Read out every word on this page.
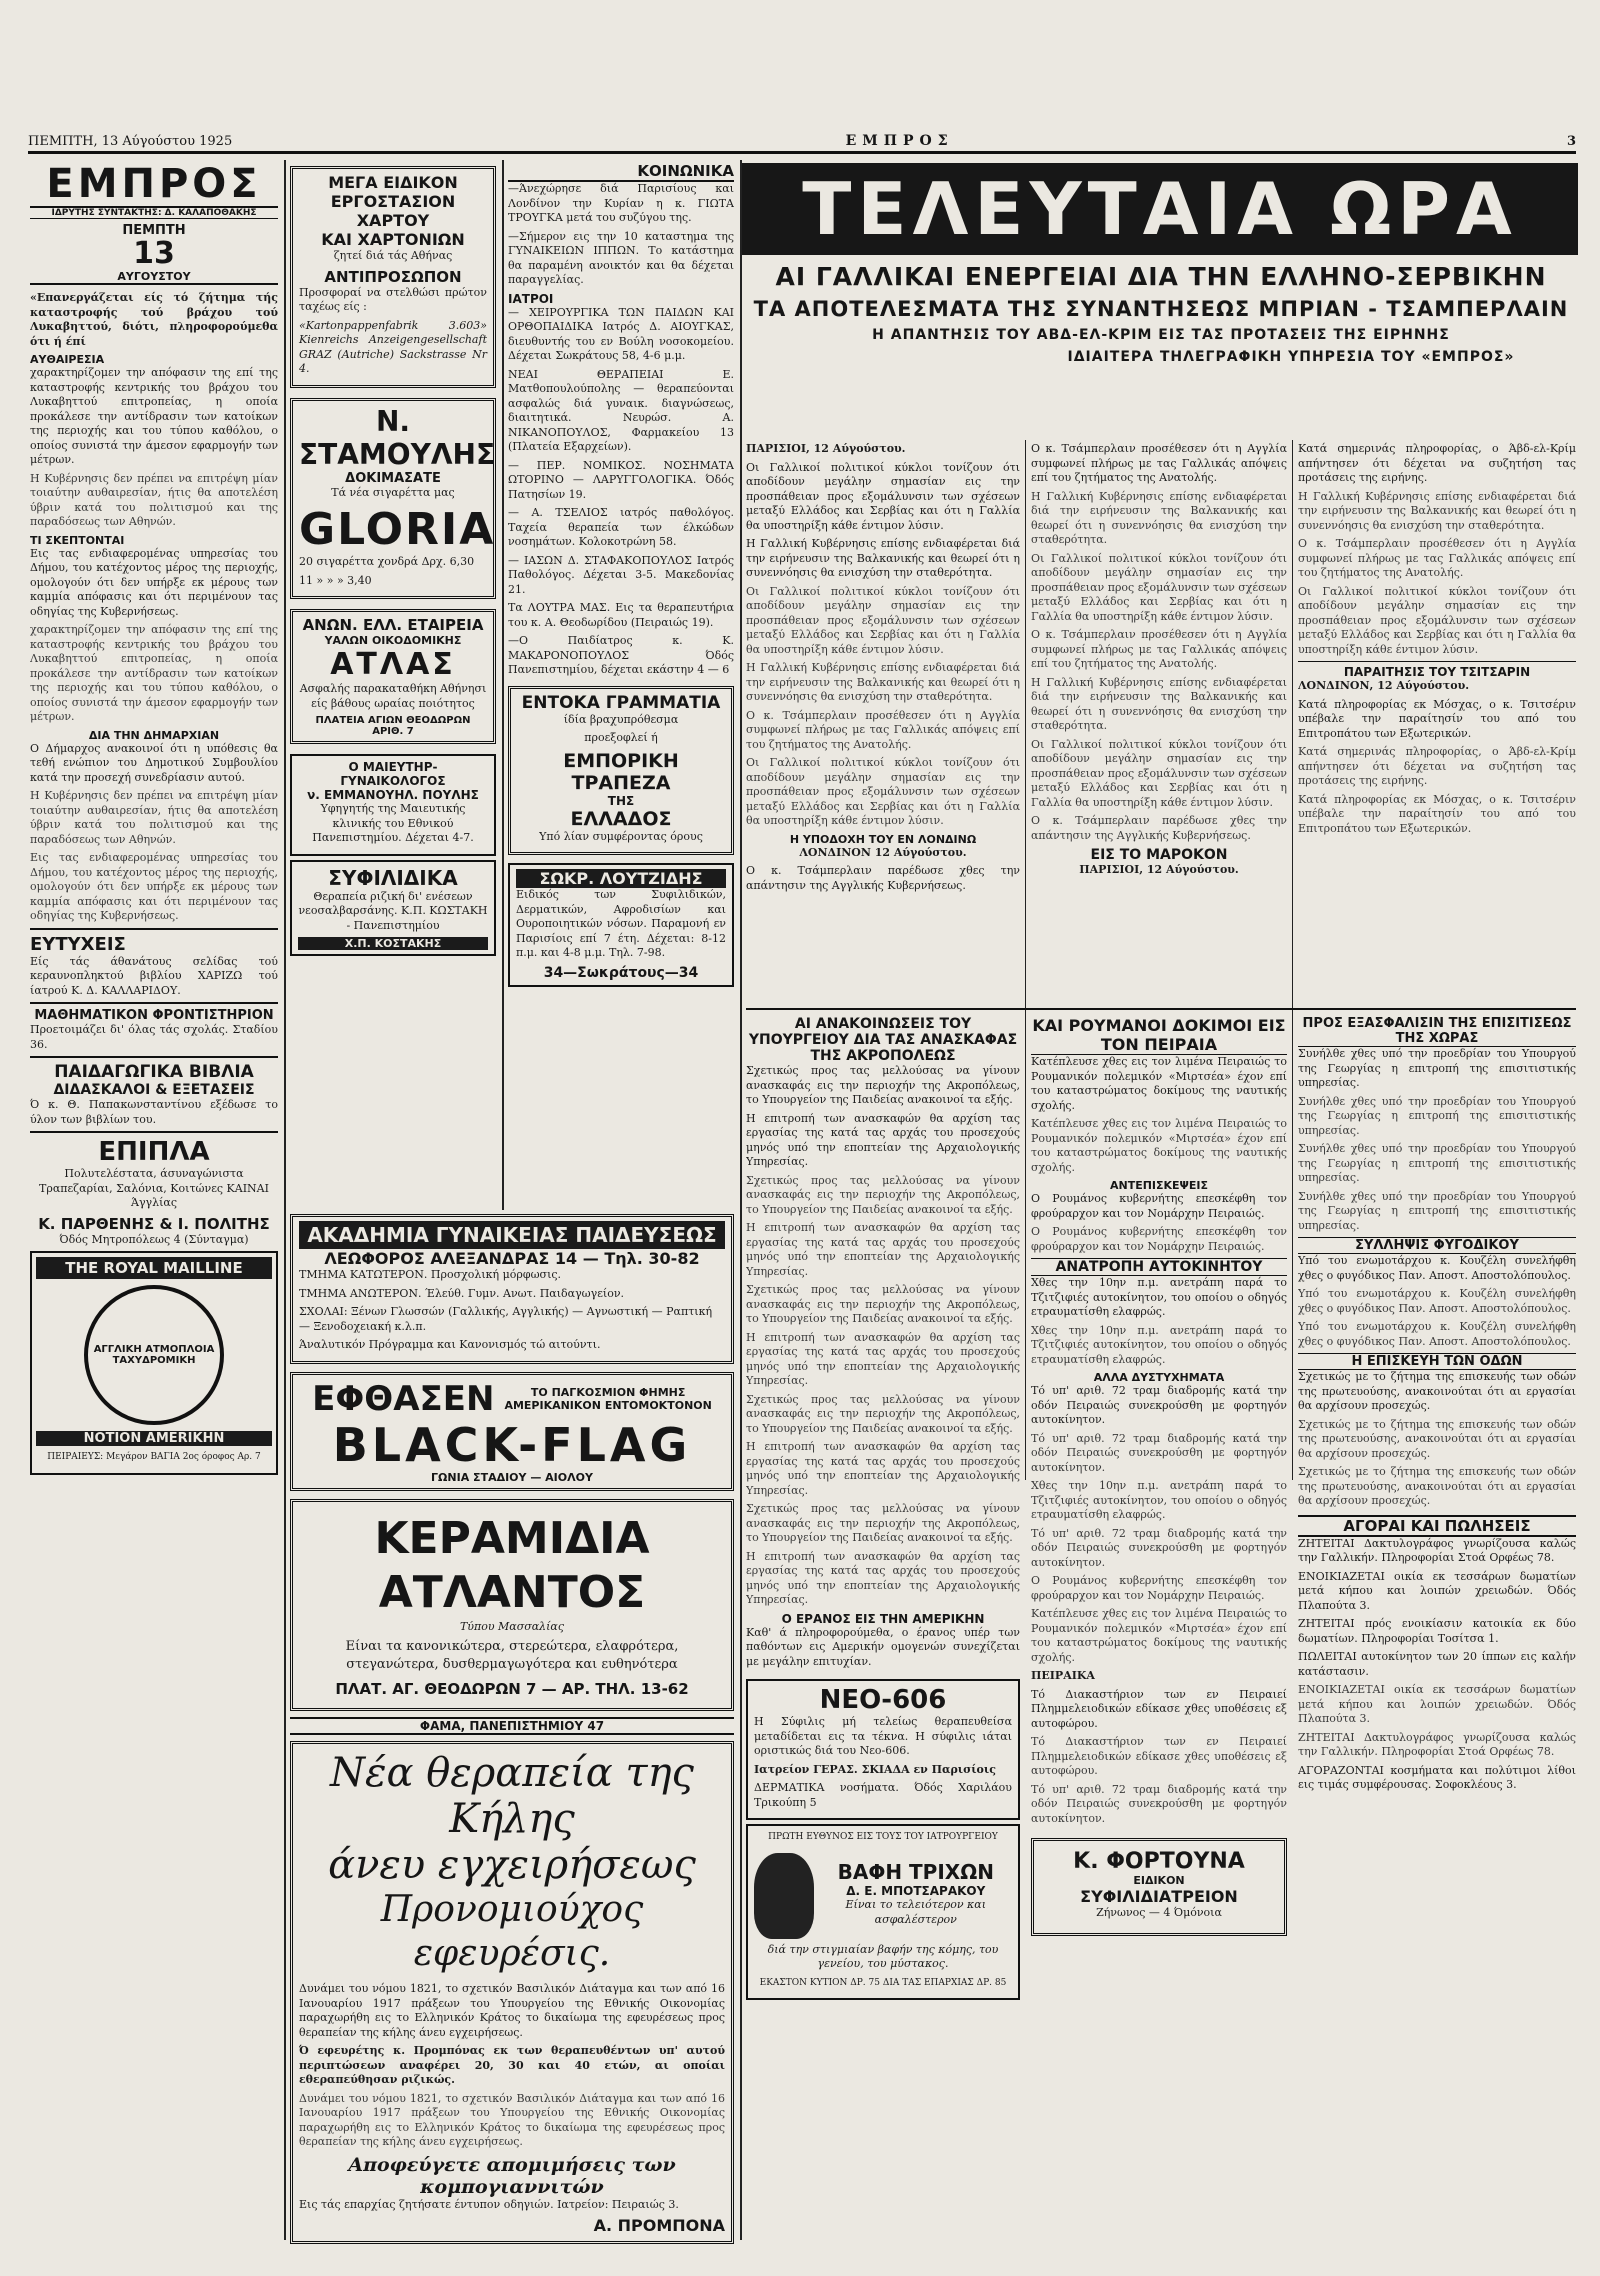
ΠΕΜΠΤΗ, 13 Αύγούστου 1925	ΕΜΠΡΟΣ	3
ΕΜΠΡΟΣ
ΙΔΡΥΤΗΣ ΣΥΝΤΑΚΤΗΣ: Δ. ΚΑΛΑΠΟΘΑΚΗΣ
ΠΕΜΠΤΗ
13
ΑΥΓΟΥΣΤΟΥ
«Επανεργάζεται είς τό ζήτημα τής καταστροφής τού βράχου τού Λυκαβηττού, διότι, πληροφορούμεθα ότι ή έπί
ΑΥΘΑΙΡΕΣΙΑ
χαρακτηρίζομεν την απόφασιν της επί της καταστροφής κεντρικής του βράχου του Λυκαβηττού επιτροπείας, η οποία προκάλεσε την αντίδρασιν των κατοίκων της περιοχής και του τύπου καθόλου, ο οποίος συνιστά την άμεσον εφαρμογήν των μέτρων.
Η Κυβέρνησις δεν πρέπει να επιτρέψη μίαν τοιαύτην αυθαιρεσίαν, ήτις θα αποτελέση ύβριν κατά του πολιτισμού και της παραδόσεως των Αθηνών.
ΤΙ ΣΚΕΠΤΟΝΤΑΙ
Εις τας ενδιαφερομένας υπηρεσίας του Δήμου, του κατέχοντος μέρος της περιοχής, ομολογούν ότι δεν υπήρξε εκ μέρους των καμμία απόφασις και ότι περιμένουν τας οδηγίας της Κυβερνήσεως.
χαρακτηρίζομεν την απόφασιν της επί της καταστροφής κεντρικής του βράχου του Λυκαβηττού επιτροπείας, η οποία προκάλεσε την αντίδρασιν των κατοίκων της περιοχής και του τύπου καθόλου, ο οποίος συνιστά την άμεσον εφαρμογήν των μέτρων.
ΔΙΑ ΤΗΝ ΔΗΜΑΡΧΙΑΝ
Ο Δήμαρχος ανακοινοί ότι η υπόθεσις θα τεθή ενώπιον του Δημοτικού Συμβουλίου κατά την προσεχή συνεδρίασιν αυτού.
Η Κυβέρνησις δεν πρέπει να επιτρέψη μίαν τοιαύτην αυθαιρεσίαν, ήτις θα αποτελέση ύβριν κατά του πολιτισμού και της παραδόσεως των Αθηνών.
Εις τας ενδιαφερομένας υπηρεσίας του Δήμου, του κατέχοντος μέρος της περιοχής, ομολογούν ότι δεν υπήρξε εκ μέρους των καμμία απόφασις και ότι περιμένουν τας οδηγίας της Κυβερνήσεως.
ΕΥΤΥΧΕΙΣ
Είς τάς άθανάτους σελίδας τού κεραυνοπληκτού βιβλίου ΧΑΡΙΖΩ τού ίατρού Κ. Δ. ΚΑΛΛΑΡΙΔΟΥ.
ΜΑΘΗΜΑΤΙΚΟΝ ΦΡΟΝΤΙΣΤΗΡΙΟΝ
Προετοιμάζει δι' όλας τάς σχολάς. Σταδίου 36.
ΠΑΙΔΑΓΩΓΙΚΑ ΒΙΒΛΙΑ
ΔΙΔΑΣΚΑΛΟΙ & ΕΞΕΤΑΣΕΙΣ
Ό κ. Θ. Παπακωνσταντίνου εξέδωσε το ύλον των βιβλίων του.
ΕΠΙΠΛΑ
Πολυτελέστατα, άσυναγώνιστα Τραπεζαρίαι, Σαλόνια, Κοιτώνες ΚΑΙΝΑΙ Άγγλίας
Κ. ΠΑΡΘΕΝΗΣ & Ι. ΠΟΛΙΤΗΣ
Όδός Μητροπόλεως 4 (Σύνταγμα)
THE ROYAL MAILLINE
ΑΓΓΛΙΚΗ ΑΤΜΟΠΛΟΙΑ ΤΑΧΥΔΡΟΜΙΚΗ
NOTION AMERIKHN
ΠΕΙΡΑΙΕΥΣ: Μεγάρον ΒΑΓΙΑ 2ος όροφος Αρ. 7
ΜΕΓΑ ΕΙΔΙΚΟΝ
ΕΡΓΟΣΤΑΣΙΟΝ ΧΑΡΤΟΥ
ΚΑΙ ΧΑΡΤΟΝΙΩΝ
ζητεί διά τάς Αθήνας
ΑΝΤΙΠΡΟΣΩΠΟΝ
Προσφοραί να στελθώσι πρώτον ταχέως είς :
«Kartonpappenfabrik 3.603» Kienreichs Anzeigengesellschaft GRAZ (Autriche) Sackstrasse Nr 4.
Ν. ΣΤΑΜΟΥΛΗΣ
ΔΟΚΙΜΑΣΑΤΕ
Τά νέα σιγαρέττα μας
GLORIA
20 σιγαρέττα χονδρά Δρχ. 6,30
11 » » » 3,40
ΑΝΩΝ. ΕΛΛ. ΕΤΑΙΡΕΙΑ
ΥΑΛΩΝ ΟΙΚΟΔΟΜΙΚΗΣ
ΑΤΛΑΣ
Ασφαλής παρακαταθήκη Αθήνησι είς βάθους ωραίας ποιότητος
ΠΛΑΤΕΙΑ ΑΓΙΩΝ ΘΕΟΔΩΡΩΝ ΑΡΙΘ. 7
Ο ΜΑΙΕΥΤΗΡ-ΓΥΝΑΙΚΟΛΟΓΟΣ
ν. ΕΜΜΑΝΟΥΗΛ. ΠΟΥΛΗΣ
Υφηγητής της Μαιευτικής κλινικής του Εθνικού Πανεπιστημίου. Δέχεται 4-7.
ΣΥΦΙΛΙΔΙΚΑ
Θεραπεία ριζική δι' ενέσεων νεοσαλβαρσάνης. Κ.Π. ΚΩΣΤΑΚΗ - Πανεπιστημίου
Χ.Π. ΚΟΣΤΑΚΗΣ
ΚΟΙΝΩΝΙΚΑ
—Άνεχώρησε διά Παρισίους και Λονδίνον την Κυρίαν η κ. ΓΙΩΤΑ ΤΡΟΥΓΚΑ μετά του συζύγου της.
—Σήμερον εις την 10 καταστημα της ΓΥΝΑΙΚΕΙΩΝ ΙΠΠΩΝ. Το κατάστημα θα παραμένη ανοικτόν και θα δέχεται παραγγελίας.
ΙΑΤΡΟΙ
— ΧΕΙΡΟΥΡΓΙΚΑ ΤΩΝ ΠΑΙΔΩΝ ΚΑΙ ΟΡΘΟΠΑΙΔΙΚΑ Ιατρός Δ. ΑΙΟΥΓΚΑΣ, διευθυντής του εν Βούλη νοσοκομείου. Δέχεται Σωκράτους 58, 4-6 μ.μ.
ΝΕΑΙ ΘΕΡΑΠΕΙΑΙ Ε. Ματθοπουλούπολης — θεραπεύονται ασφαλώς διά γυναικ. διαγνώσεως, διαιτητικά. Νευρώσ. Α. ΝΙΚΑΝΟΠΟΥΛΟΣ, Φαρμακείου 13 (Πλατεία Εξαρχείων).
— ΠΕΡ. ΝΟΜΙΚΟΣ. ΝΟΣΗΜΑΤΑ ΩΤΟΡΙΝΟ — ΛΑΡΥΓΓΟΛΟΓΙΚΑ. Όδός Πατησίων 19.
— Α. ΤΣΕΛΙΟΣ ιατρός παθολόγος. Ταχεία θεραπεία των έλκώδων νοσημάτων. Κολοκοτρώνη 58.
— ΙΑΣΩΝ Δ. ΣΤΑΦΑΚΟΠΟΥΛΟΣ Ιατρός Παθολόγος. Δέχεται 3-5. Μακεδονίας 21.
Τα ΛΟΥΤΡΑ ΜΑΣ. Εις τα θεραπευτήρια του κ. Α. Θεοδωρίδου (Πειραιώς 19).
—Ο Παιδίατρος κ. Κ. ΜΑΚΑΡΟΝΟΠΟΥΛΟΣ Όδός Πανεπιστημίου, δέχεται εκάστην 4 — 6
ΕΝΤΟΚΑ ΓΡΑΜΜΑΤΙΑ
ίδία βραχυπρόθεσμα
προεξοφλεί ή
ΕΜΠΟΡΙΚΗ ΤΡΑΠΕΖΑ
ΤΗΣ
ΕΛΛΑΔΟΣ
Υπό λίαν συμφέροντας όρους
ΣΩΚΡ. ΛΟΥΤΖΙΔΗΣ
Ειδικός των Συφιλιδικών, Δερματικών, Αφροδισίων και Ουροποιητικών νόσων. Παραμονή εν Παρισίοις επί 7 έτη. Δέχεται: 8-12 π.μ. και 4-8 μ.μ. Τηλ. 7-98.
34—Σωκράτους—34
ΑΚΑΔΗΜΙΑ ΓΥΝΑΙΚΕΙΑΣ ΠΑΙΔΕΥΣΕΩΣ
ΛΕΩΦΟΡΟΣ ΑΛΕΞΑΝΔΡΑΣ 14 — Τηλ. 30-82
ΤΜΗΜΑ ΚΑΤΩΤΕΡΟΝ. Προσχολική μόρφωσις.
ΤΜΗΜΑ ΑΝΩΤΕΡΟΝ. Έλεύθ. Γυμν. Ανωτ. Παιδαγωγείον.
ΣΧΟΛΑΙ: Ξένων Γλωσσών (Γαλλικής, Αγγλικής) — Αγνωστική — Ραπτική — Ξενοδοχειακή κ.λ.π.
Άναλυτικόν Πρόγραμμα και Κανονισμός τώ αιτούντι.
ΕΦΘΑΣΕΝ	ΤΟ ΠΑΓΚΟΣΜΙΟΝ ΦΗΜΗΣ
ΑΜΕΡΙΚΑΝΙΚΟΝ ΕΝΤΟΜΟΚΤΟΝΟΝ
BLACK-FLAG
ΓΩΝΙΑ ΣΤΑΔΙΟΥ — ΑΙΟΛΟΥ
ΚΕΡΑΜΙΔΙΑ ΑΤΛΑΝΤΟΣ
Τύπου Μασσαλίας
Είναι τα κανονικώτερα, στερεώτερα, ελαφρότερα, στεγανώτερα, δυσθερμαγωγότερα και ευθηνότερα
ΠΛΑΤ. ΑΓ. ΘΕΟΔΩΡΩΝ 7 — ΑΡ. ΤΗΛ. 13-62
ΦΑΜΑ, ΠΑΝΕΠΙΣΤΗΜΙΟΥ 47
Νέα θεραπεία της Κήλης
άνευ εγχειρήσεως
Προνομιούχος εφευρέσις.
Δυνάμει του νόμου 1821, το σχετικόν Βασιλικόν Διάταγμα και των από 16 Ιανουαρίου 1917 πράξεων του Υπουργείου της Εθνικής Οικονομίας παραχωρήθη εις το Ελληνικόν Κράτος το δικαίωμα της εφευρέσεως προς θεραπείαν της κήλης άνευ εγχειρήσεως.
Ό εφευρέτης κ. Προμπόνας εκ των θεραπευθέντων υπ' αυτού περιπτώσεων αναφέρει 20, 30 και 40 ετών, αι οποίαι εθεραπεύθησαν ριζικώς.
Δυνάμει του νόμου 1821, το σχετικόν Βασιλικόν Διάταγμα και των από 16 Ιανουαρίου 1917 πράξεων του Υπουργείου της Εθνικής Οικονομίας παραχωρήθη εις το Ελληνικόν Κράτος το δικαίωμα της εφευρέσεως προς θεραπείαν της κήλης άνευ εγχειρήσεως.
Αποφεύγετε απομιμήσεις των κομπογιαννιτών
Εις τάς επαρχίας ζητήσατε έντυπον οδηγιών. Ιατρείον: Πειραιώς 3.
Α. ΠΡΟΜΠΟΝΑ
ΤΕΛΕΥΤΑΙΑ ΩΡΑ
ΑΙ ΓΑΛΛΙΚΑΙ ΕΝΕΡΓΕΙΑΙ ΔΙΑ ΤΗΝ ΕΛΛΗΝΟ-ΣΕΡΒΙΚΗΝ
ΤΑ ΑΠΟΤΕΛΕΣΜΑΤΑ ΤΗΣ ΣΥΝΑΝΤΗΣΕΩΣ ΜΠΡΙΑΝ - ΤΣΑΜΠΕΡΛΑΙΝ
Η ΑΠΑΝΤΗΣΙΣ ΤΟΥ ΑΒΔ-ΕΛ-ΚΡΙΜ ΕΙΣ ΤΑΣ ΠΡΟΤΑΣΕΙΣ ΤΗΣ ΕΙΡΗΝΗΣ
ΙΔΙΑΙΤΕΡΑ ΤΗΛΕΓΡΑΦΙΚΗ ΥΠΗΡΕΣΙΑ ΤΟΥ «ΕΜΠΡΟΣ»
ΠΑΡΙΣΙΟΙ, 12 Αύγούστου.
Οι Γαλλικοί πολιτικοί κύκλοι τονίζουν ότι αποδίδουν μεγάλην σημασίαν εις την προσπάθειαν προς εξομάλυνσιν των σχέσεων μεταξύ Ελλάδος και Σερβίας και ότι η Γαλλία θα υποστηρίξη κάθε έντιμον λύσιν.
Η Γαλλική Κυβέρνησις επίσης ενδιαφέρεται διά την ειρήνευσιν της Βαλκανικής και θεωρεί ότι η συνεννόησις θα ενισχύση την σταθερότητα.
Οι Γαλλικοί πολιτικοί κύκλοι τονίζουν ότι αποδίδουν μεγάλην σημασίαν εις την προσπάθειαν προς εξομάλυνσιν των σχέσεων μεταξύ Ελλάδος και Σερβίας και ότι η Γαλλία θα υποστηρίξη κάθε έντιμον λύσιν.
Η Γαλλική Κυβέρνησις επίσης ενδιαφέρεται διά την ειρήνευσιν της Βαλκανικής και θεωρεί ότι η συνεννόησις θα ενισχύση την σταθερότητα.
Ο κ. Τσάμπερλαιν προσέθεσεν ότι η Αγγλία συμφωνεί πλήρως με τας Γαλλικάς απόψεις επί του ζητήματος της Ανατολής.
Οι Γαλλικοί πολιτικοί κύκλοι τονίζουν ότι αποδίδουν μεγάλην σημασίαν εις την προσπάθειαν προς εξομάλυνσιν των σχέσεων μεταξύ Ελλάδος και Σερβίας και ότι η Γαλλία θα υποστηρίξη κάθε έντιμον λύσιν.
Η ΥΠΟΔΟΧΗ ΤΟΥ ΕΝ ΛΟΝΔΙΝΩ
ΛΟΝΔΙΝΟΝ 12 Αύγούστου.
Ο κ. Τσάμπερλαιν παρέδωσε χθες την απάντησιν της Αγγλικής Κυβερνήσεως.
Ο κ. Τσάμπερλαιν προσέθεσεν ότι η Αγγλία συμφωνεί πλήρως με τας Γαλλικάς απόψεις επί του ζητήματος της Ανατολής.
Η Γαλλική Κυβέρνησις επίσης ενδιαφέρεται διά την ειρήνευσιν της Βαλκανικής και θεωρεί ότι η συνεννόησις θα ενισχύση την σταθερότητα.
Οι Γαλλικοί πολιτικοί κύκλοι τονίζουν ότι αποδίδουν μεγάλην σημασίαν εις την προσπάθειαν προς εξομάλυνσιν των σχέσεων μεταξύ Ελλάδος και Σερβίας και ότι η Γαλλία θα υποστηρίξη κάθε έντιμον λύσιν.
Ο κ. Τσάμπερλαιν προσέθεσεν ότι η Αγγλία συμφωνεί πλήρως με τας Γαλλικάς απόψεις επί του ζητήματος της Ανατολής.
Η Γαλλική Κυβέρνησις επίσης ενδιαφέρεται διά την ειρήνευσιν της Βαλκανικής και θεωρεί ότι η συνεννόησις θα ενισχύση την σταθερότητα.
Οι Γαλλικοί πολιτικοί κύκλοι τονίζουν ότι αποδίδουν μεγάλην σημασίαν εις την προσπάθειαν προς εξομάλυνσιν των σχέσεων μεταξύ Ελλάδος και Σερβίας και ότι η Γαλλία θα υποστηρίξη κάθε έντιμον λύσιν.
Ο κ. Τσάμπερλαιν παρέδωσε χθες την απάντησιν της Αγγλικής Κυβερνήσεως.
ΕΙΣ ΤΟ ΜΑΡΟΚΟΝ
ΠΑΡΙΣΙΟΙ, 12 Αύγούστου.
Κατά σημερινάς πληροφορίας, ο Άβδ-ελ-Κρίμ απήντησεν ότι δέχεται να συζητήση τας προτάσεις της ειρήνης.
Η Γαλλική Κυβέρνησις επίσης ενδιαφέρεται διά την ειρήνευσιν της Βαλκανικής και θεωρεί ότι η συνεννόησις θα ενισχύση την σταθερότητα.
Ο κ. Τσάμπερλαιν προσέθεσεν ότι η Αγγλία συμφωνεί πλήρως με τας Γαλλικάς απόψεις επί του ζητήματος της Ανατολής.
Οι Γαλλικοί πολιτικοί κύκλοι τονίζουν ότι αποδίδουν μεγάλην σημασίαν εις την προσπάθειαν προς εξομάλυνσιν των σχέσεων μεταξύ Ελλάδος και Σερβίας και ότι η Γαλλία θα υποστηρίξη κάθε έντιμον λύσιν.
ΠΑΡΑΙΤΗΣΙΣ ΤΟΥ ΤΣΙΤΣΑΡΙΝ
ΛΟΝΔΙΝΟΝ, 12 Αύγούστου.
Κατά πληροφορίας εκ Μόσχας, ο κ. Τσιτσέριν υπέβαλε την παραίτησίν του από του Επιτροπάτου των Εξωτερικών.
Κατά σημερινάς πληροφορίας, ο Άβδ-ελ-Κρίμ απήντησεν ότι δέχεται να συζητήση τας προτάσεις της ειρήνης.
Κατά πληροφορίας εκ Μόσχας, ο κ. Τσιτσέριν υπέβαλε την παραίτησίν του από του Επιτροπάτου των Εξωτερικών.
ΑΙ ΑΝΑΚΟΙΝΩΣΕΙΣ ΤΟΥ ΥΠΟΥΡΓΕΙΟΥ ΔΙΑ ΤΑΣ ΑΝΑΣΚΑΦΑΣ ΤΗΣ ΑΚΡΟΠΟΛΕΩΣ
Σχετικώς προς τας μελλούσας να γίνουν ανασκαφάς εις την περιοχήν της Ακροπόλεως, το Υπουργείον της Παιδείας ανακοινοί τα εξής.
Η επιτροπή των ανασκαφών θα αρχίση τας εργασίας της κατά τας αρχάς του προσεχούς μηνός υπό την εποπτείαν της Αρχαιολογικής Υπηρεσίας.
Σχετικώς προς τας μελλούσας να γίνουν ανασκαφάς εις την περιοχήν της Ακροπόλεως, το Υπουργείον της Παιδείας ανακοινοί τα εξής.
Η επιτροπή των ανασκαφών θα αρχίση τας εργασίας της κατά τας αρχάς του προσεχούς μηνός υπό την εποπτείαν της Αρχαιολογικής Υπηρεσίας.
Σχετικώς προς τας μελλούσας να γίνουν ανασκαφάς εις την περιοχήν της Ακροπόλεως, το Υπουργείον της Παιδείας ανακοινοί τα εξής.
Η επιτροπή των ανασκαφών θα αρχίση τας εργασίας της κατά τας αρχάς του προσεχούς μηνός υπό την εποπτείαν της Αρχαιολογικής Υπηρεσίας.
Σχετικώς προς τας μελλούσας να γίνουν ανασκαφάς εις την περιοχήν της Ακροπόλεως, το Υπουργείον της Παιδείας ανακοινοί τα εξής.
Η επιτροπή των ανασκαφών θα αρχίση τας εργασίας της κατά τας αρχάς του προσεχούς μηνός υπό την εποπτείαν της Αρχαιολογικής Υπηρεσίας.
Σχετικώς προς τας μελλούσας να γίνουν ανασκαφάς εις την περιοχήν της Ακροπόλεως, το Υπουργείον της Παιδείας ανακοινοί τα εξής.
Η επιτροπή των ανασκαφών θα αρχίση τας εργασίας της κατά τας αρχάς του προσεχούς μηνός υπό την εποπτείαν της Αρχαιολογικής Υπηρεσίας.
Ο ΕΡΑΝΟΣ ΕΙΣ ΤΗΝ ΑΜΕΡΙΚΗΝ
Καθ' ά πληροφορούμεθα, ο έρανος υπέρ των παθόντων εις Αμερικήν ομογενών συνεχίζεται με μεγάλην επιτυχίαν.
ΝΕΟ-606
Η Σύφιλις μή τελείως θεραπευθείσα μεταδίδεται εις τα τέκνα. Η σύφιλις ιάται οριστικώς διά του Νεο-606.
Ιατρείον ΓΕΡΑΣ. ΣΚΙΑΔΑ εν Παρισίοις
ΔΕΡΜΑΤΙΚΑ νοσήματα. Όδός Χαριλάου Τρικούπη 5
ΠΡΩΤΗ ΕΥΘΥΝΟΣ ΕΙΣ ΤΟΥΣ ΤΟΥ ΙΑΤΡΟΥΡΓΕΙΟΥ
ΒΑΦΗ ΤΡΙΧΩΝ
Δ. Ε. ΜΠΟΤΣΑΡΑΚΟΥ
Είναι το τελειότερον και ασφαλέστερον
διά την στιγμιαίαν βαφήν της κόμης, του γενείου, του μύστακος.
ΕΚΑΣΤΟΝ ΚΥΤΙΟΝ ΔΡ. 75 ΔΙΑ ΤΑΣ ΕΠΑΡΧΙΑΣ ΔΡ. 85
ΚΑΙ ΡΟΥΜΑΝΟΙ ΔΟΚΙΜΟΙ ΕΙΣ ΤΟΝ ΠΕΙΡΑΙΑ
Κατέπλευσε χθες εις τον λιμένα Πειραιώς το Ρουμανικόν πολεμικόν «Μιρτσέα» έχον επί του καταστρώματος δοκίμους της ναυτικής σχολής.
Κατέπλευσε χθες εις τον λιμένα Πειραιώς το Ρουμανικόν πολεμικόν «Μιρτσέα» έχον επί του καταστρώματος δοκίμους της ναυτικής σχολής.
ΑΝΤΕΠΙΣΚΕΨΕΙΣ
Ο Ρουμάνος κυβερνήτης επεσκέφθη τον φρούραρχον και τον Νομάρχην Πειραιώς.
Ο Ρουμάνος κυβερνήτης επεσκέφθη τον φρούραρχον και τον Νομάρχην Πειραιώς.
ΑΝΑΤΡΟΠΗ ΑΥΤΟΚΙΝΗΤΟΥ
Χθες την 10ην π.μ. ανετράπη παρά το Τζιτζιφιές αυτοκίνητον, του οποίου ο οδηγός ετραυματίσθη ελαφρώς.
Χθες την 10ην π.μ. ανετράπη παρά το Τζιτζιφιές αυτοκίνητον, του οποίου ο οδηγός ετραυματίσθη ελαφρώς.
ΑΛΛΑ ΔΥΣΤΥΧΗΜΑΤΑ
Τό υπ' αριθ. 72 τραμ διαδρομής κατά την οδόν Πειραιώς συνεκρούσθη με φορτηγόν αυτοκίνητον.
Τό υπ' αριθ. 72 τραμ διαδρομής κατά την οδόν Πειραιώς συνεκρούσθη με φορτηγόν αυτοκίνητον.
Χθες την 10ην π.μ. ανετράπη παρά το Τζιτζιφιές αυτοκίνητον, του οποίου ο οδηγός ετραυματίσθη ελαφρώς.
Τό υπ' αριθ. 72 τραμ διαδρομής κατά την οδόν Πειραιώς συνεκρούσθη με φορτηγόν αυτοκίνητον.
Ο Ρουμάνος κυβερνήτης επεσκέφθη τον φρούραρχον και τον Νομάρχην Πειραιώς.
Κατέπλευσε χθες εις τον λιμένα Πειραιώς το Ρουμανικόν πολεμικόν «Μιρτσέα» έχον επί του καταστρώματος δοκίμους της ναυτικής σχολής.
ΠΕΙΡΑΙΚΑ
Τό Διακαστήριον των εν Πειραιεί Πλημμελειοδικών εδίκασε χθες υποθέσεις εξ αυτοφώρου.
Τό Διακαστήριον των εν Πειραιεί Πλημμελειοδικών εδίκασε χθες υποθέσεις εξ αυτοφώρου.
Τό υπ' αριθ. 72 τραμ διαδρομής κατά την οδόν Πειραιώς συνεκρούσθη με φορτηγόν αυτοκίνητον.
Κ. ΦΟΡΤΟΥΝΑ
ΕΙΔΙΚΟΝ
ΣΥΦΙΛΙΔΙΑΤΡΕΙΟΝ
Ζήνωνος — 4 Όμόνοια
ΠΡΟΣ ΕΞΑΣΦΑΛΙΣΙΝ ΤΗΣ ΕΠΙΣΙΤΙΣΕΩΣ ΤΗΣ ΧΩΡΑΣ
Συνήλθε χθες υπό την προεδρίαν του Υπουργού της Γεωργίας η επιτροπή της επισιτιστικής υπηρεσίας.
Συνήλθε χθες υπό την προεδρίαν του Υπουργού της Γεωργίας η επιτροπή της επισιτιστικής υπηρεσίας.
Συνήλθε χθες υπό την προεδρίαν του Υπουργού της Γεωργίας η επιτροπή της επισιτιστικής υπηρεσίας.
Συνήλθε χθες υπό την προεδρίαν του Υπουργού της Γεωργίας η επιτροπή της επισιτιστικής υπηρεσίας.
ΣΥΛΛΗΨΙΣ ΦΥΓΟΔΙΚΟΥ
Υπό του ενωμοτάρχου κ. Κουζέλη συνελήφθη χθες ο φυγόδικος Παν. Αποστ. Αποστολόπουλος.
Υπό του ενωμοτάρχου κ. Κουζέλη συνελήφθη χθες ο φυγόδικος Παν. Αποστ. Αποστολόπουλος.
Υπό του ενωμοτάρχου κ. Κουζέλη συνελήφθη χθες ο φυγόδικος Παν. Αποστ. Αποστολόπουλος.
Η ΕΠΙΣΚΕΥΗ ΤΩΝ ΟΔΩΝ
Σχετικώς με το ζήτημα της επισκευής των οδών της πρωτευούσης, ανακοινούται ότι αι εργασίαι θα αρχίσουν προσεχώς.
Σχετικώς με το ζήτημα της επισκευής των οδών της πρωτευούσης, ανακοινούται ότι αι εργασίαι θα αρχίσουν προσεχώς.
Σχετικώς με το ζήτημα της επισκευής των οδών της πρωτευούσης, ανακοινούται ότι αι εργασίαι θα αρχίσουν προσεχώς.
ΑΓΟΡΑΙ ΚΑΙ ΠΩΛΗΣΕΙΣ
ΖΗΤΕΙΤΑΙ Δακτυλογράφος γνωρίζουσα καλώς την Γαλλικήν. Πληροφορίαι Στοά Ορφέως 78.
ΕΝΟΙΚΙΑΖΕΤΑΙ οικία εκ τεσσάρων δωματίων μετά κήπου και λοιπών χρειωδών. Όδός Πλαπούτα 3.
ΖΗΤΕΙΤΑΙ πρός ενοικίασιν κατοικία εκ δύο δωματίων. Πληροφορίαι Τοσίτσα 1.
ΠΩΛΕΙΤΑΙ αυτοκίνητον των 20 ίππων εις καλήν κατάστασιν.
ΕΝΟΙΚΙΑΖΕΤΑΙ οικία εκ τεσσάρων δωματίων μετά κήπου και λοιπών χρειωδών. Όδός Πλαπούτα 3.
ΖΗΤΕΙΤΑΙ Δακτυλογράφος γνωρίζουσα καλώς την Γαλλικήν. Πληροφορίαι Στοά Ορφέως 78.
ΑΓΟΡΑΖΟΝΤΑΙ κοσμήματα και πολύτιμοι λίθοι εις τιμάς συμφέρουσας. Σοφοκλέους 3.
